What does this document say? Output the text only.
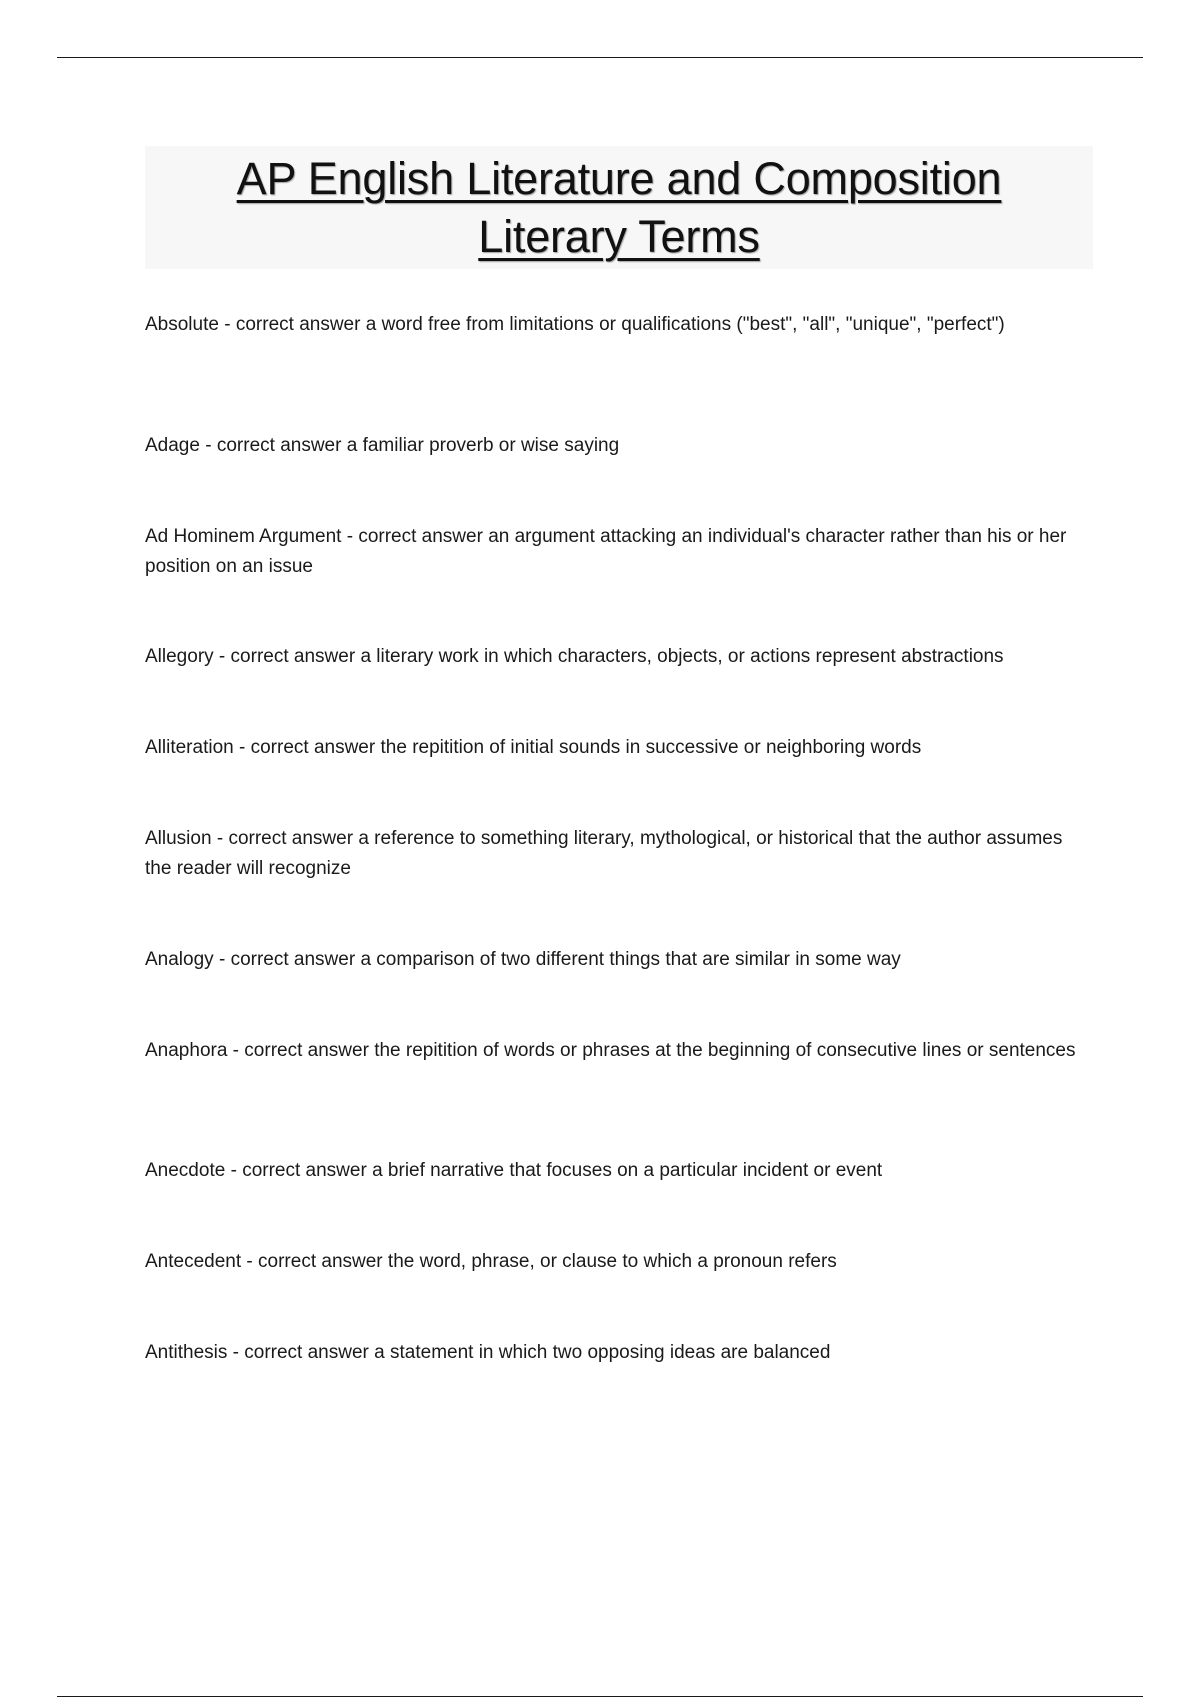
AP English Literature and Composition
Literary Terms

Absolute - correct answer a word free from limitations or qualifications ("best", "all", "unique", "perfect")

Adage - correct answer a familiar proverb or wise saying

Ad Hominem Argument - correct answer an argument attacking an individual's character rather than his or her position on an issue

Allegory - correct answer a literary work in which characters, objects, or actions represent abstractions

Alliteration - correct answer the repitition of initial sounds in successive or neighboring words

Allusion - correct answer a reference to something literary, mythological, or historical that the author assumes the reader will recognize

Analogy - correct answer a comparison of two different things that are similar in some way

Anaphora - correct answer the repitition of words or phrases at the beginning of consecutive lines or sentences

Anecdote - correct answer a brief narrative that focuses on a particular incident or event

Antecedent - correct answer the word, phrase, or clause to which a pronoun refers

Antithesis - correct answer a statement in which two opposing ideas are balanced
